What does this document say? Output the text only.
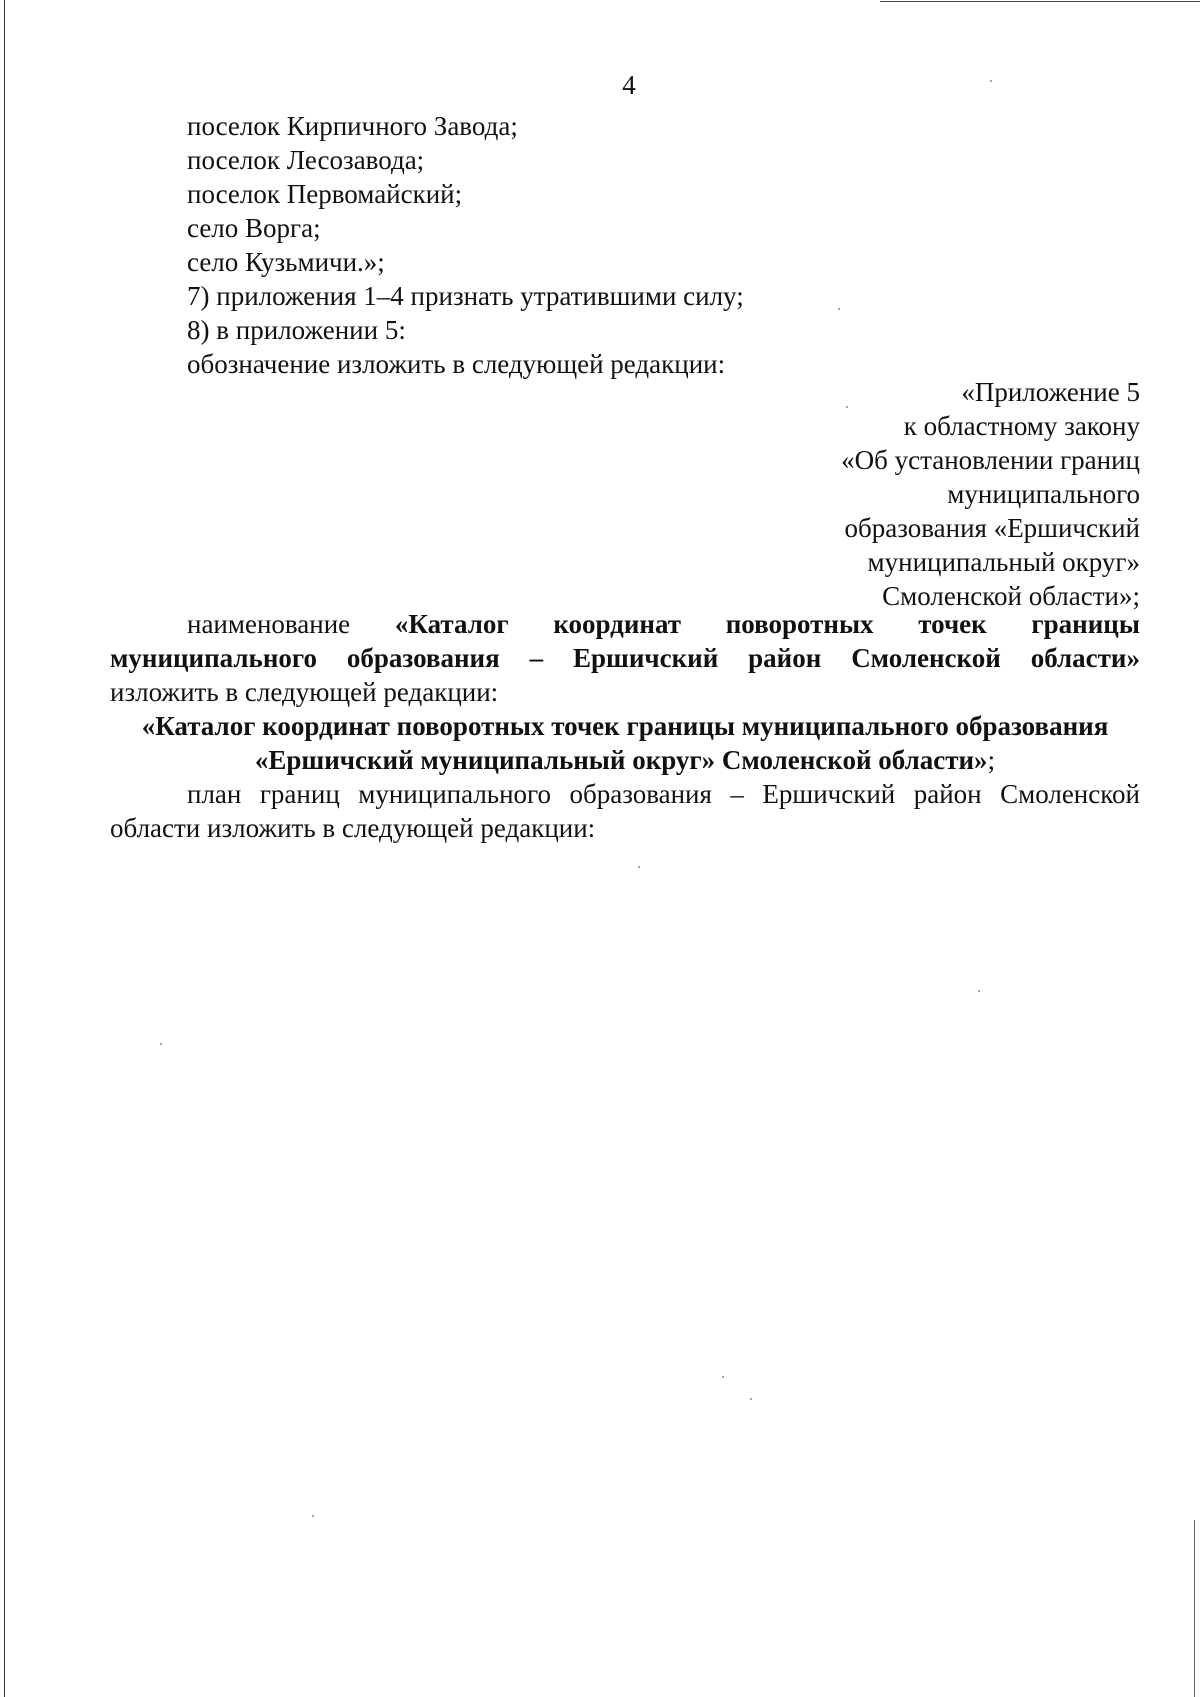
4
поселок Кирпичного Завода;
поселок Лесозавода;
поселок Первомайский;
село Ворга;
село Кузьмичи.»;
7) приложения 1–4 признать утратившими силу;
8) в приложении 5:
обозначение изложить в следующей редакции:
«Приложение 5
к областному закону
«Об установлении границ
муниципального
образования «Ершичский
муниципальный округ»
Смоленской области»;
наименование «Каталог координат поворотных точек границы
муниципального образования – Ершичский район Смоленской области»
изложить в следующей редакции:
«Каталог координат поворотных точек границы муниципального образования
«Ершичский муниципальный округ» Смоленской области»;
план границ муниципального образования – Ершичский район Смоленской
области изложить в следующей редакции:
